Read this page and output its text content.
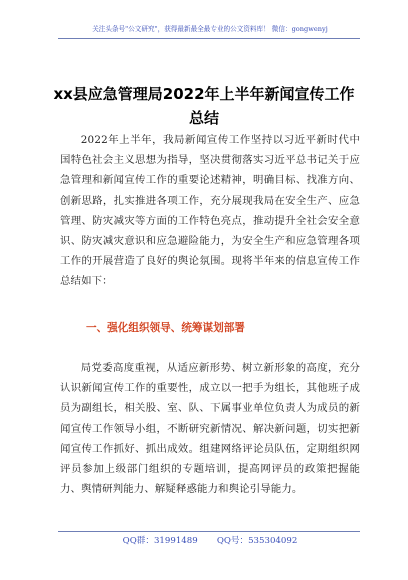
关注头条号"公文研究"，获得最新最全最专业的公文资料库！ 微信：gongwenyj
xx县应急管理局2022年上半年新闻宣传工作总结

2022年上半年，我局新闻宣传工作坚持以习近平新时代中国特色社会主义思想为指导，坚决贯彻落实习近平总书记关于应急管理和新闻宣传工作的重要论述精神，明确目标、找准方向、创新思路，扎实推进各项工作，充分展现我局在安全生产、应急管理、防灾减灾等方面的工作特色亮点，推动提升全社会安全意识、防灾减灾意识和应急避险能力，为安全生产和应急管理各项工作的开展营造了良好的舆论氛围。现将半年来的信息宣传工作总结如下：

一、强化组织领导、统筹谋划部署

局党委高度重视，从适应新形势、树立新形象的高度，充分认识新闻宣传工作的重要性，成立以一把手为组长，其他班子成员为副组长，相关股、室、队、下属事业单位负责人为成员的新闻宣传工作领导小组，不断研究新情况、解决新问题，切实把新闻宣传工作抓好、抓出成效。组建网络评论员队伍，定期组织网评员参加上级部门组织的专题培训，提高网评员的政策把握能力、舆情研判能力、解疑释惑能力和舆论引导能力。

QQ群：31991489       QQ号：535304092
